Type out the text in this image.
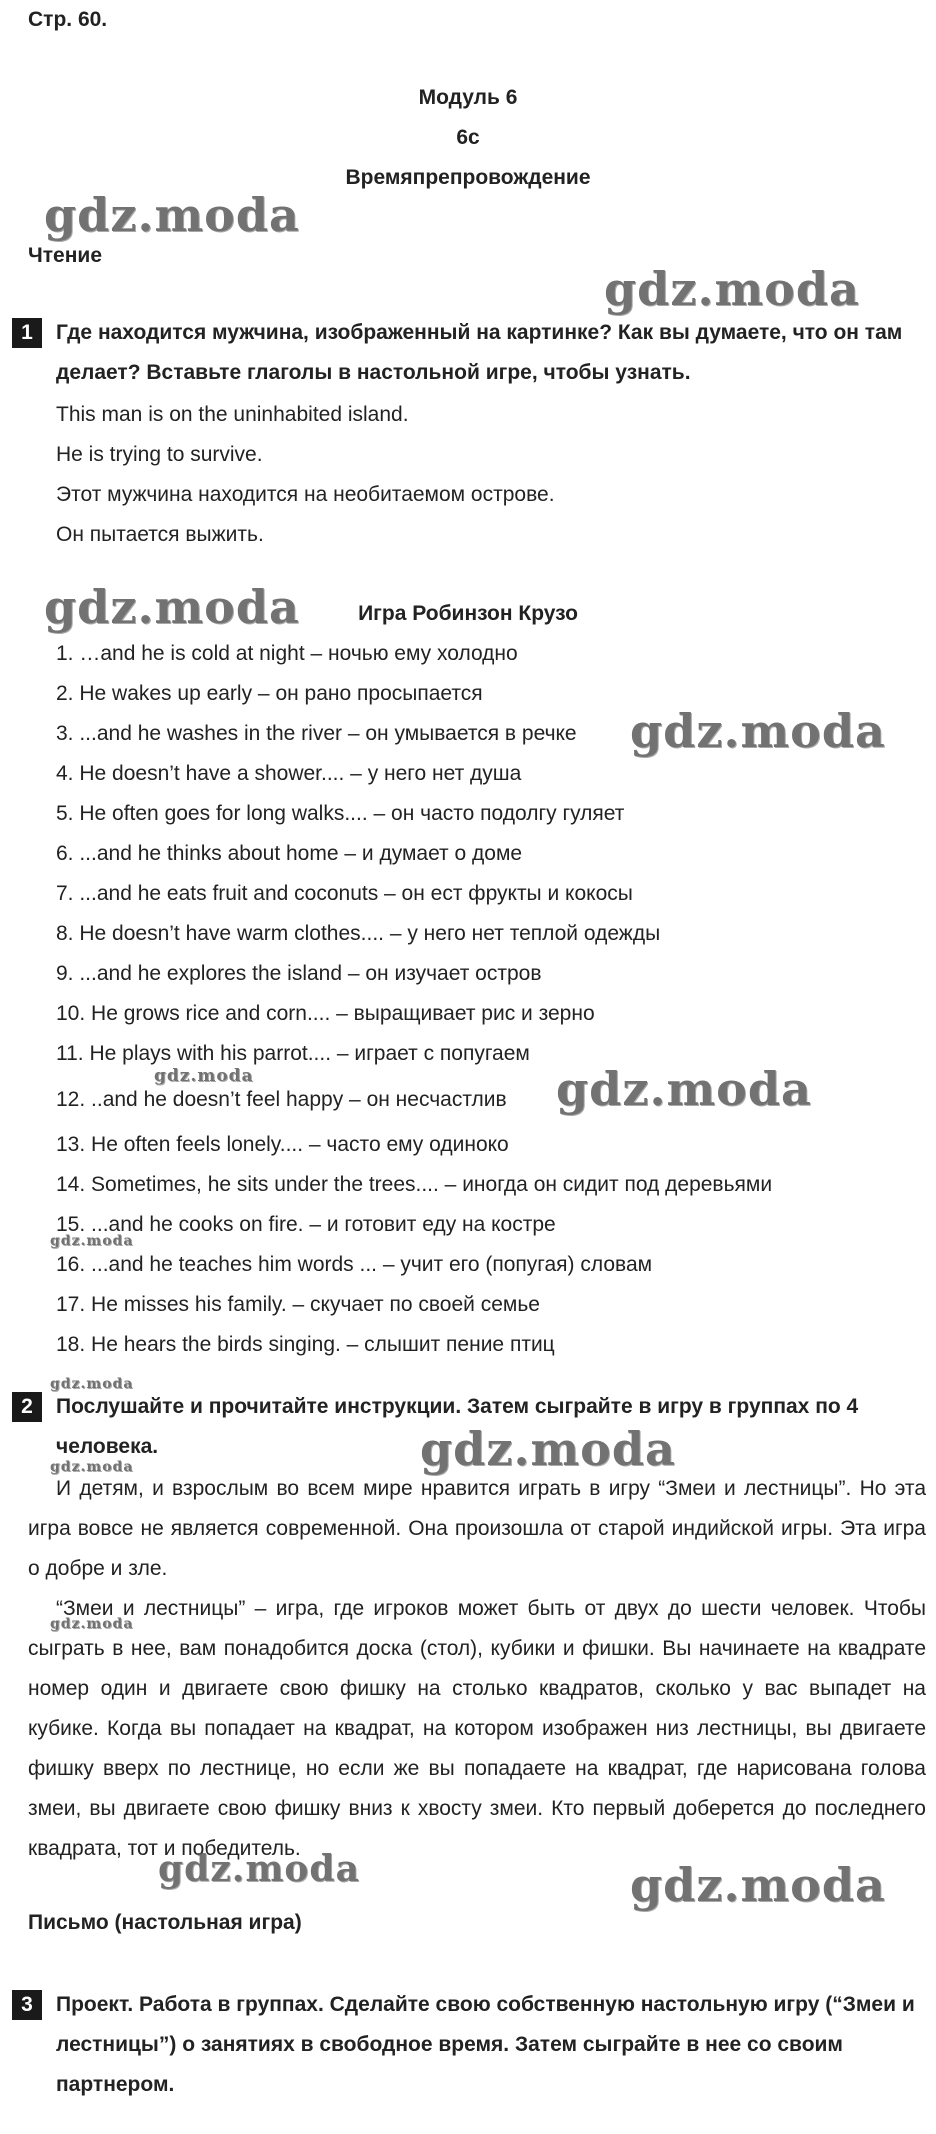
Стр. 60.
Модуль 6
6с
Времяпрепровождение
Чтение
1	Где находится мужчина, изображенный на картинке? Как вы думаете, что он там делает? Вставьте глаголы в настольной игре, чтобы узнать.
This man is on the uninhabited island.
He is trying to survive.
Этот мужчина находится на необитаемом острове.
Он пытается выжить.
Игра Робинзон Крузо
1. …and he is cold at night – ночью ему холодно
2. He wakes up early – он рано просыпается
3. ...and he washes in the river – он умывается в речке
4. He doesn’t have a shower.... – у него нет душа
5. He often goes for long walks.... – он часто подолгу гуляет
6. ...and he thinks about home – и думает о доме
7. ...and he eats fruit and coconuts – он ест фрукты и кокосы
8. He doesn’t have warm clothes.... – у него нет теплой одежды
9. ...and he explores the island – он изучает остров
10. He grows rice and corn.... – выращивает рис и зерно
11. He plays with his parrot.... – играет с попугаем
12. ..and he doesn’t feel happy – он несчастлив
13. He often feels lonely.... – часто ему одиноко
14. Sometimes, he sits under the trees.... – иногда он сидит под деревьями
15. ...and he cooks on fire. – и готовит еду на костре
16. ...and he teaches him words ... – учит его (попугая) словам
17. He misses his family. – скучает по своей семье
18. He hears the birds singing. – слышит пение птиц
2	Послушайте и прочитайте инструкции. Затем сыграйте в игру в группах по 4 человека.
И детям, и взрослым во всем мире нравится играть в игру “Змеи и лестницы”. Но эта игра вовсе не является современной. Она произошла от старой индийской игры. Эта игра о добре и зле.
“Змеи и лестницы” – игра, где игроков может быть от двух до шести человек. Чтобы сыграть в нее, вам понадобится доска (стол), кубики и фишки. Вы начинаете на квадрате номер один и двигаете свою фишку на столько квадратов, сколько у вас выпадет на кубике. Когда вы попадает на квадрат, на котором изображен низ лестницы, вы двигаете фишку вверх по лестнице, но если же вы попадаете на квадрат, где нарисована голова змеи, вы двигаете свою фишку вниз к хвосту змеи. Кто первый доберется до последнего квадрата, тот и победитель.
Письмо (настольная игра)
3	Проект. Работа в группах. Сделайте свою собственную настольную игру (“Змеи и лестницы”) о занятиях в свободное время. Затем сыграйте в нее со своим партнером.
gdz.moda
gdz.moda
gdz.moda
gdz.moda
gdz.moda	gdz.moda
gdz.moda
gdz.moda
gdz.moda
gdz.moda
gdz.moda
gdz.moda	gdz.moda
